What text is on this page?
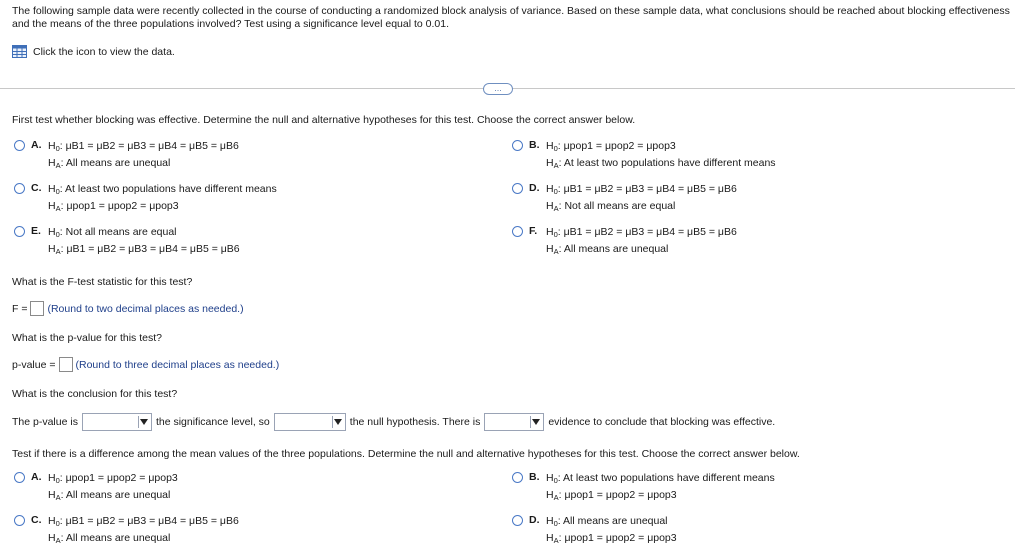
The following sample data were recently collected in the course of conducting a randomized block analysis of variance. Based on these sample data, what conclusions should be reached about blocking effectiveness and the means of the three populations involved? Test using a significance level equal to 0.01.
Click the icon to view the data.
…
First test whether blocking was effective. Determine the null and alternative hypotheses for this test. Choose the correct answer below.
A. $H_0$: μB1 = μB2 = μB3 = μB4 = μB5 = μB6
$H_A$: All means are unequal
B. $H_0$: μpop1 = μpop2 = μpop3
$H_A$: At least two populations have different means
C. $H_0$: At least two populations have different means
$H_A$: μpop1 = μpop2 = μpop3
D. $H_0$: μB1 = μB2 = μB3 = μB4 = μB5 = μB6
$H_A$: Not all means are equal
E. $H_0$: Not all means are equal
$H_A$: μB1 = μB2 = μB3 = μB4 = μB5 = μB6
F. $H_0$: μB1 = μB2 = μB3 = μB4 = μB5 = μB6
$H_A$: All means are unequal
What is the F-test statistic for this test?
F = (Round to two decimal places as needed.)
What is the p-value for this test?
p-value = (Round to three decimal places as needed.)
What is the conclusion for this test?
The p-value is	the significance level, so	the null hypothesis. There is	evidence to conclude that blocking was effective.
Test if there is a difference among the mean values of the three populations. Determine the null and alternative hypotheses for this test. Choose the correct answer below.
A. $H_0$: μpop1 = μpop2 = μpop3
$H_A$: All means are unequal
B. $H_0$: At least two populations have different means
$H_A$: μpop1 = μpop2 = μpop3
C. $H_0$: μB1 = μB2 = μB3 = μB4 = μB5 = μB6
$H_A$: All means are unequal
D. $H_0$: All means are unequal
$H_A$: μpop1 = μpop2 = μpop3
